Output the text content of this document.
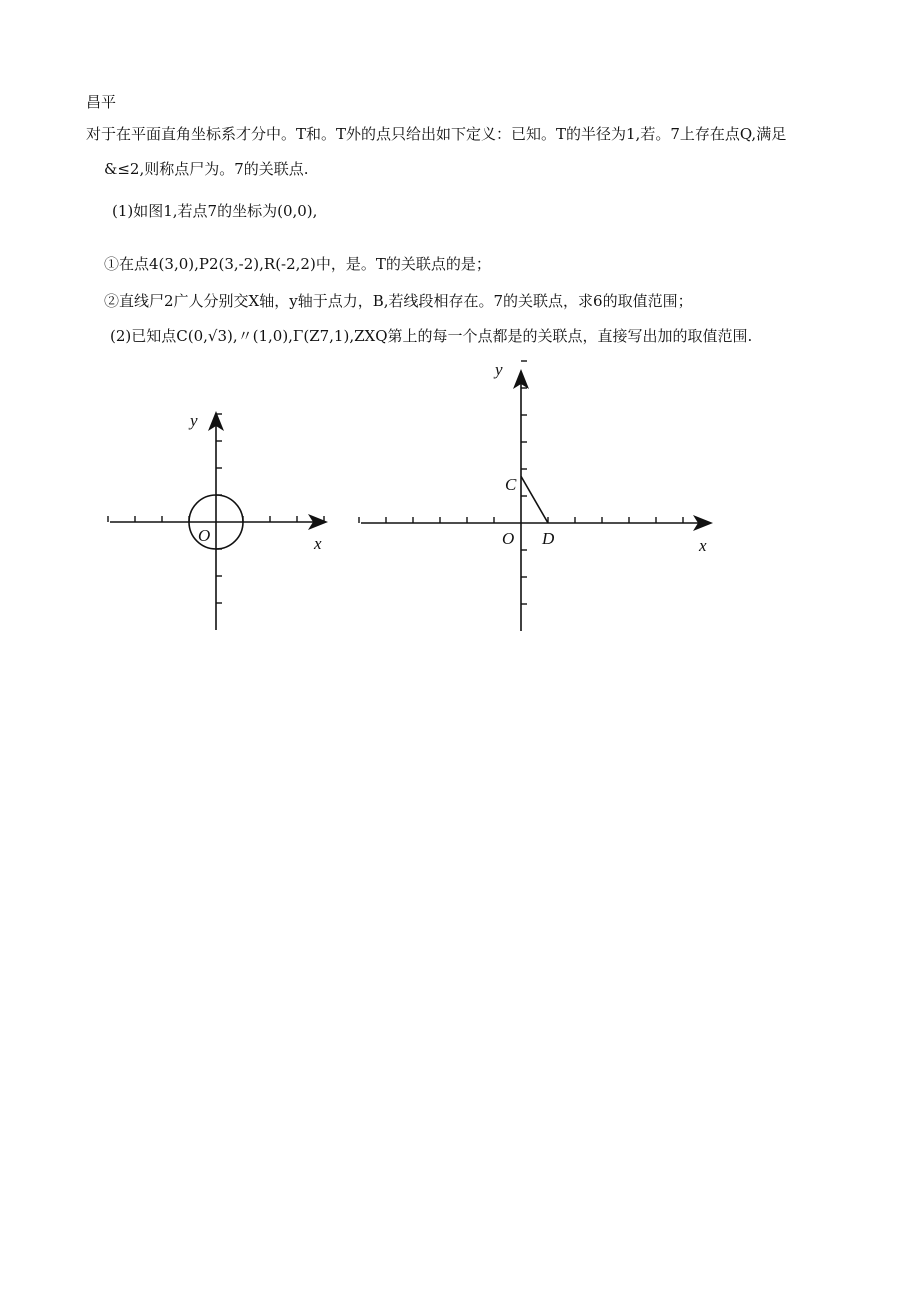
昌平
对于在平面直角坐标系才分中。T和。T外的点只给出如下定义：已知。T的半径为1,若。7上存在点Q,满足
&≤2,则称点尸为。7的关联点.
(1)如图1,若点7的坐标为(0,0),
①在点4(3,0),P2(3,-2),R(-2,2)中，是。T的关联点的是；
②直线尸2广人分别交X轴，y轴于点力，B,若线段相存在。7的关联点，求6的取值范围；
(2)已知点C(0,√3),〃(1,0),Γ(Z7,1),ZXQ第上的每一个点都是的关联点，直接写出加的取值范围.
y
O	x
y
C
O D	x
